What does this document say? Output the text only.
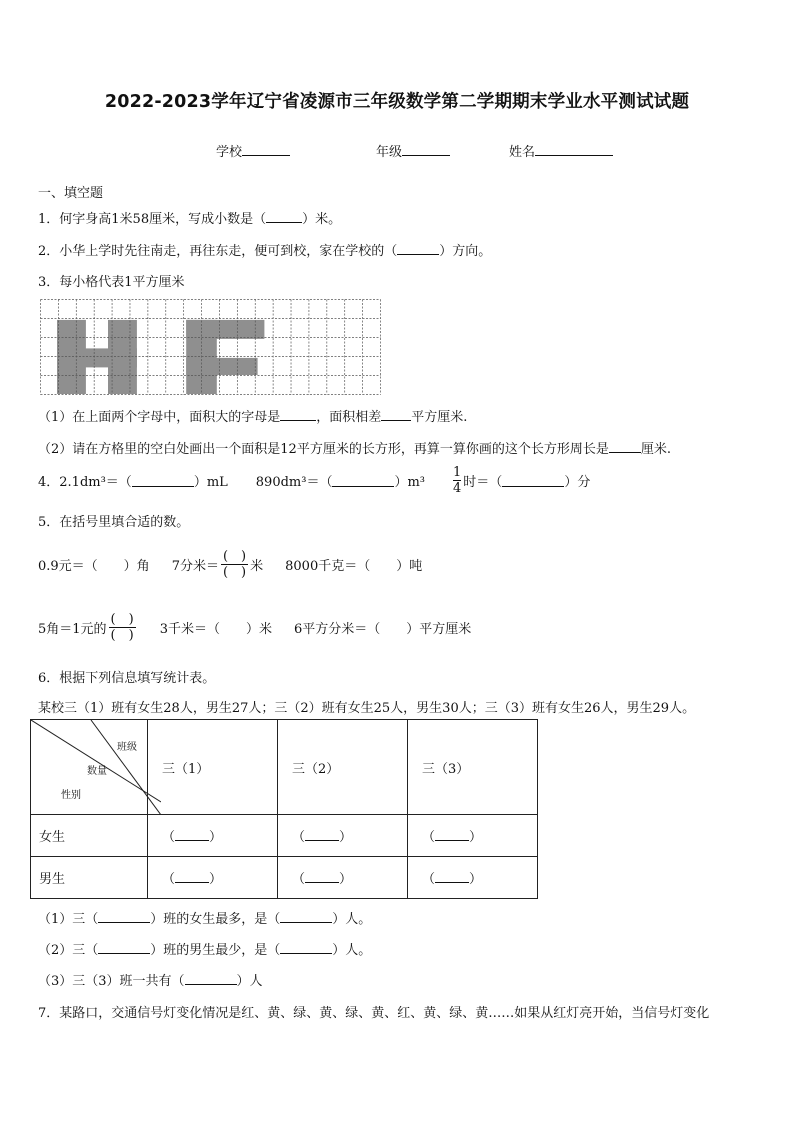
2022-2023学年辽宁省凌源市三年级数学第二学期期末学业水平测试试题
学校	年级	姓名
一、填空题
1．何字身高1米58厘米，写成小数是（	）米。
2．小华上学时先往南走，再往东走，便可到校，家在学校的（	）方向。
3．每小格代表1平方厘米
（1）在上面两个字母中，面积大的字母是	，面积相差 平方厘米.
（2）请在方格里的空白处画出一个面积是12平方厘米的长方形，再算一算你画的这个长方形周长是 厘米.
4．2.1dm³＝（	）mL 890dm³＝（	）$m^3 \frac{1}{4}$ 时＝（	）分
5．在括号里填合适的数。
0.9元＝（　　）角 7分米＝ $\frac{( )}{( )}$ 米 8000千克＝（　　）吨
5角＝1元的 $\frac{( )}{( )} 3$千米＝（　　）米 6平方分米＝（　　）平方厘米
6．根据下列信息填写统计表。
某校三（1）班有女生28人，男生27人；三（2）班有女生25人，男生30人；三（3）班有女生26人，男生29人。
班级
数量
性别	三（1）	三（2）	三（3）
女生	（ ）	（ ）	（ ）
男生	（ ）	（ ）	（ ）
（1）三（	）班的女生最多，是（	）人。
（2）三（	）班的男生最少，是（	）人。
（3）三（3）班一共有（	）人
7．某路口，交通信号灯变化情况是红、黄、绿、黄、绿、黄、红、黄、绿、黄……如果从红灯亮开始，当信号灯变化
